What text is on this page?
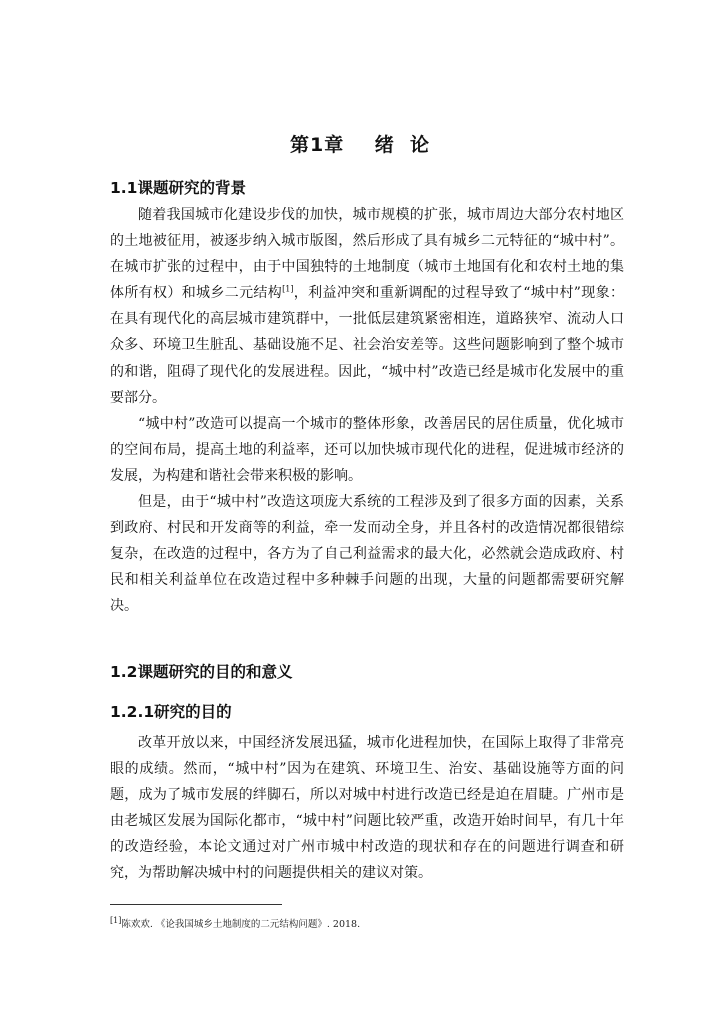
第1章    绪  论
1.1课题研究的背景

随着我国城市化建设步伐的加快，城市规模的扩张，城市周边大部分农村地区的土地被征用，被逐步纳入城市版图，然后形成了具有城乡二元特征的“城中村”。在城市扩张的过程中，由于中国独特的土地制度（城市土地国有化和农村土地的集体所有权）和城乡二元结构[1]，利益冲突和重新调配的过程导致了“城中村”现象：在具有现代化的高层城市建筑群中，一批低层建筑紧密相连，道路狭窄、流动人口众多、环境卫生脏乱、基础设施不足、社会治安差等。这些问题影响到了整个城市的和谐，阻碍了现代化的发展进程。因此，“城中村”改造已经是城市化发展中的重要部分。

“城中村”改造可以提高一个城市的整体形象，改善居民的居住质量，优化城市的空间布局，提高土地的利益率，还可以加快城市现代化的进程，促进城市经济的发展，为构建和谐社会带来积极的影响。

但是，由于“城中村”改造这项庞大系统的工程涉及到了很多方面的因素，关系到政府、村民和开发商等的利益，牵一发而动全身，并且各村的改造情况都很错综复杂，在改造的过程中，各方为了自己利益需求的最大化，必然就会造成政府、村民和相关利益单位在改造过程中多种棘手问题的出现，大量的问题都需要研究解决。

1.2课题研究的目的和意义
1.2.1研究的目的

改革开放以来，中国经济发展迅猛，城市化进程加快，在国际上取得了非常亮眼的成绩。然而，“城中村”因为在建筑、环境卫生、治安、基础设施等方面的问题，成为了城市发展的绊脚石，所以对城中村进行改造已经是迫在眉睫。广州市是由老城区发展为国际化都市，“城中村”问题比较严重，改造开始时间早，有几十年的改造经验，本论文通过对广州市城中村改造的现状和存在的问题进行调查和研究，为帮助解决城中村的问题提供相关的建议对策。

[1]陈欢欢. 《论我国城乡土地制度的二元结构问题》. 2018.
